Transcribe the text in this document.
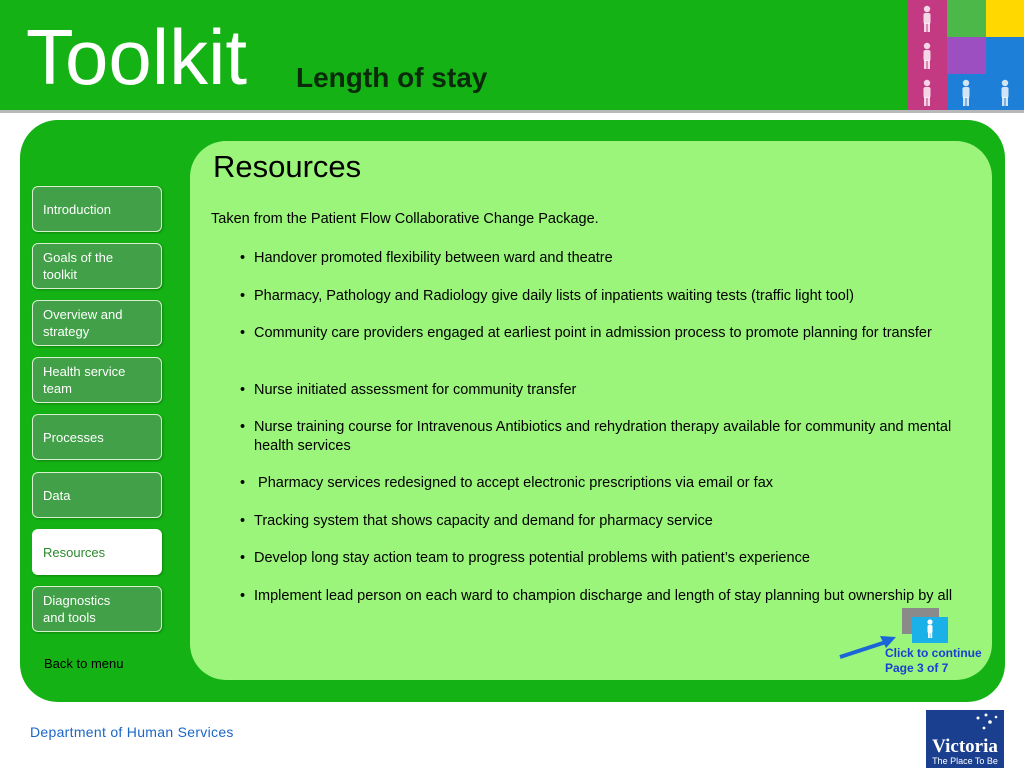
Toolkit Length of stay
Introduction
Goals of the
toolkit
Overview and
strategy
Health service
team
Processes
Data
Resources
Diagnostics
and tools
Back to menu
Resources
Taken from the Patient Flow Collaborative Change Package.
• Handover promoted flexibility between ward and theatre
• Pharmacy, Pathology and Radiology give daily lists of inpatients waiting tests (traffic light tool)
• Community care providers engaged at earliest point in admission process to promote planning for transfer
• Nurse initiated assessment for community transfer
• Nurse training course for Intravenous Antibiotics and rehydration therapy available for community and mental health services
• Pharmacy services redesigned to accept electronic prescriptions via email or fax
• Tracking system that shows capacity and demand for pharmacy service
• Develop long stay action team to progress potential problems with patient’s experience
• Implement lead person on each ward to champion discharge and length of stay planning but ownership by all
Click to continue
Page 3 of 7
Department of Human Services
Victoria
The Place To Be
